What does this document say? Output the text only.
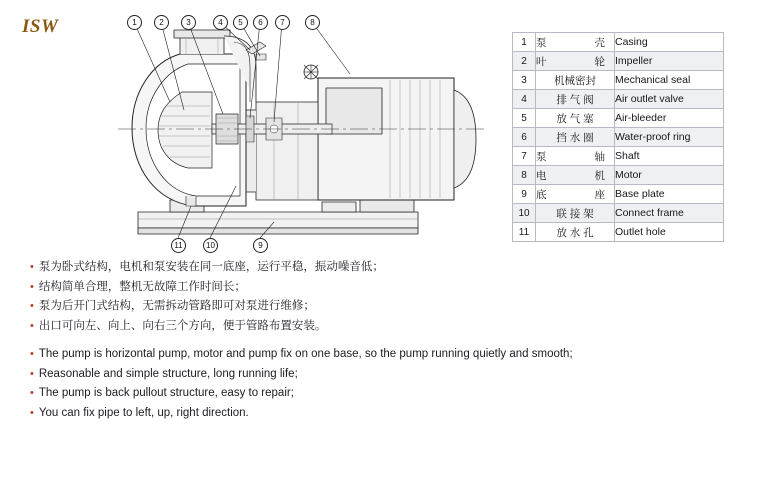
ISW	1	2	3	4	5	6	7	8
11	10	9
1	泵　　壳	Casing
2	叶　　轮	Impeller
3	机械密封	Mechanical seal
4	排 气 阀	Air outlet valve
5	放 气 塞	Air-bleeder
6	挡 水 圈	Water-proof ring
7	泵　　轴	Shaft
8	电　　机	Motor
9	底　　座	Base plate
10	联 接 架	Connect frame
11	放 水 孔	Outlet hole
• 泵为卧式结构，电机和泵安装在同一底座，运行平稳，振动噪音低；
• 结构简单合理，整机无故障工作时间长；
• 泵为后开门式结构，无需拆动管路即可对泵进行维修；
• 出口可向左、向上、向右三个方向，便于管路布置安装。
• The pump is horizontal pump, motor and pump fix on one base, so the pump running quietly and smooth;
• Reasonable and simple structure, long running life;
• The pump is back pullout structure, easy to repair;
• You can fix pipe to left, up, right direction.
